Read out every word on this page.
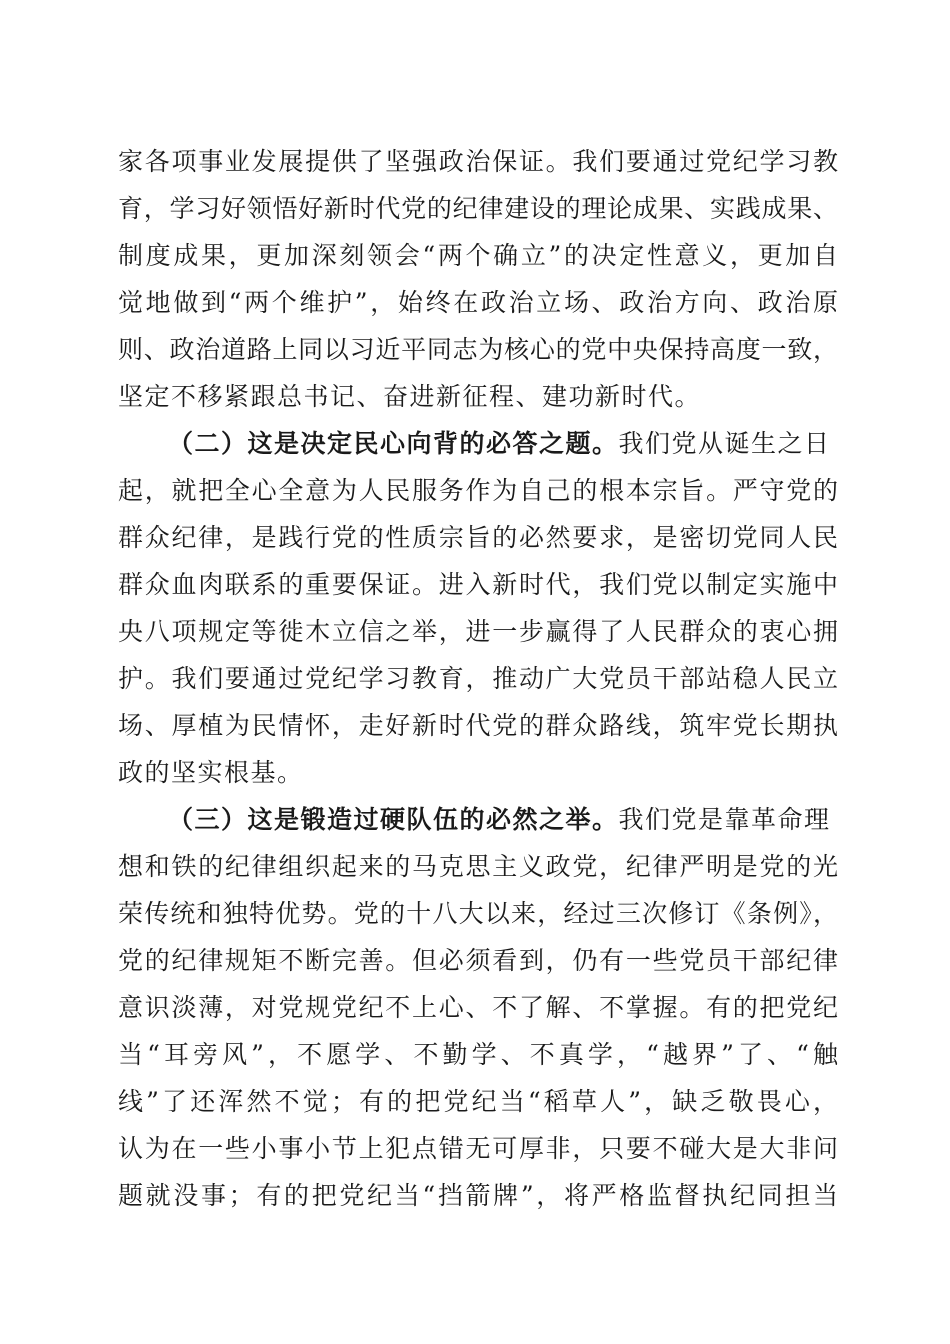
家各项事业发展提供了坚强政治保证。我们要通过党纪学习教
育，学习好领悟好新时代党的纪律建设的理论成果、实践成果、
制度成果，更加深刻领会“两个确立”的决定性意义，更加自
觉地做到“两个维护”，始终在政治立场、政治方向、政治原
则、政治道路上同以习近平同志为核心的党中央保持高度一致，
坚定不移紧跟总书记、奋进新征程、建功新时代。
（二）这是决定民心向背的必答之题。我们党从诞生之日
起，就把全心全意为人民服务作为自己的根本宗旨。严守党的
群众纪律，是践行党的性质宗旨的必然要求，是密切党同人民
群众血肉联系的重要保证。进入新时代，我们党以制定实施中
央八项规定等徙木立信之举，进一步赢得了人民群众的衷心拥
护。我们要通过党纪学习教育，推动广大党员干部站稳人民立
场、厚植为民情怀，走好新时代党的群众路线，筑牢党长期执
政的坚实根基。
（三）这是锻造过硬队伍的必然之举。我们党是靠革命理
想和铁的纪律组织起来的马克思主义政党，纪律严明是党的光
荣传统和独特优势。党的十八大以来，经过三次修订《条例》，
党的纪律规矩不断完善。但必须看到，仍有一些党员干部纪律
意识淡薄，对党规党纪不上心、不了解、不掌握。有的把党纪
当“耳旁风”，不愿学、不勤学、不真学，“越界”了、“触
线”了还浑然不觉；有的把党纪当“稻草人”，缺乏敬畏心，
认为在一些小事小节上犯点错无可厚非，只要不碰大是大非问
题就没事；有的把党纪当“挡箭牌”，将严格监督执纪同担当
